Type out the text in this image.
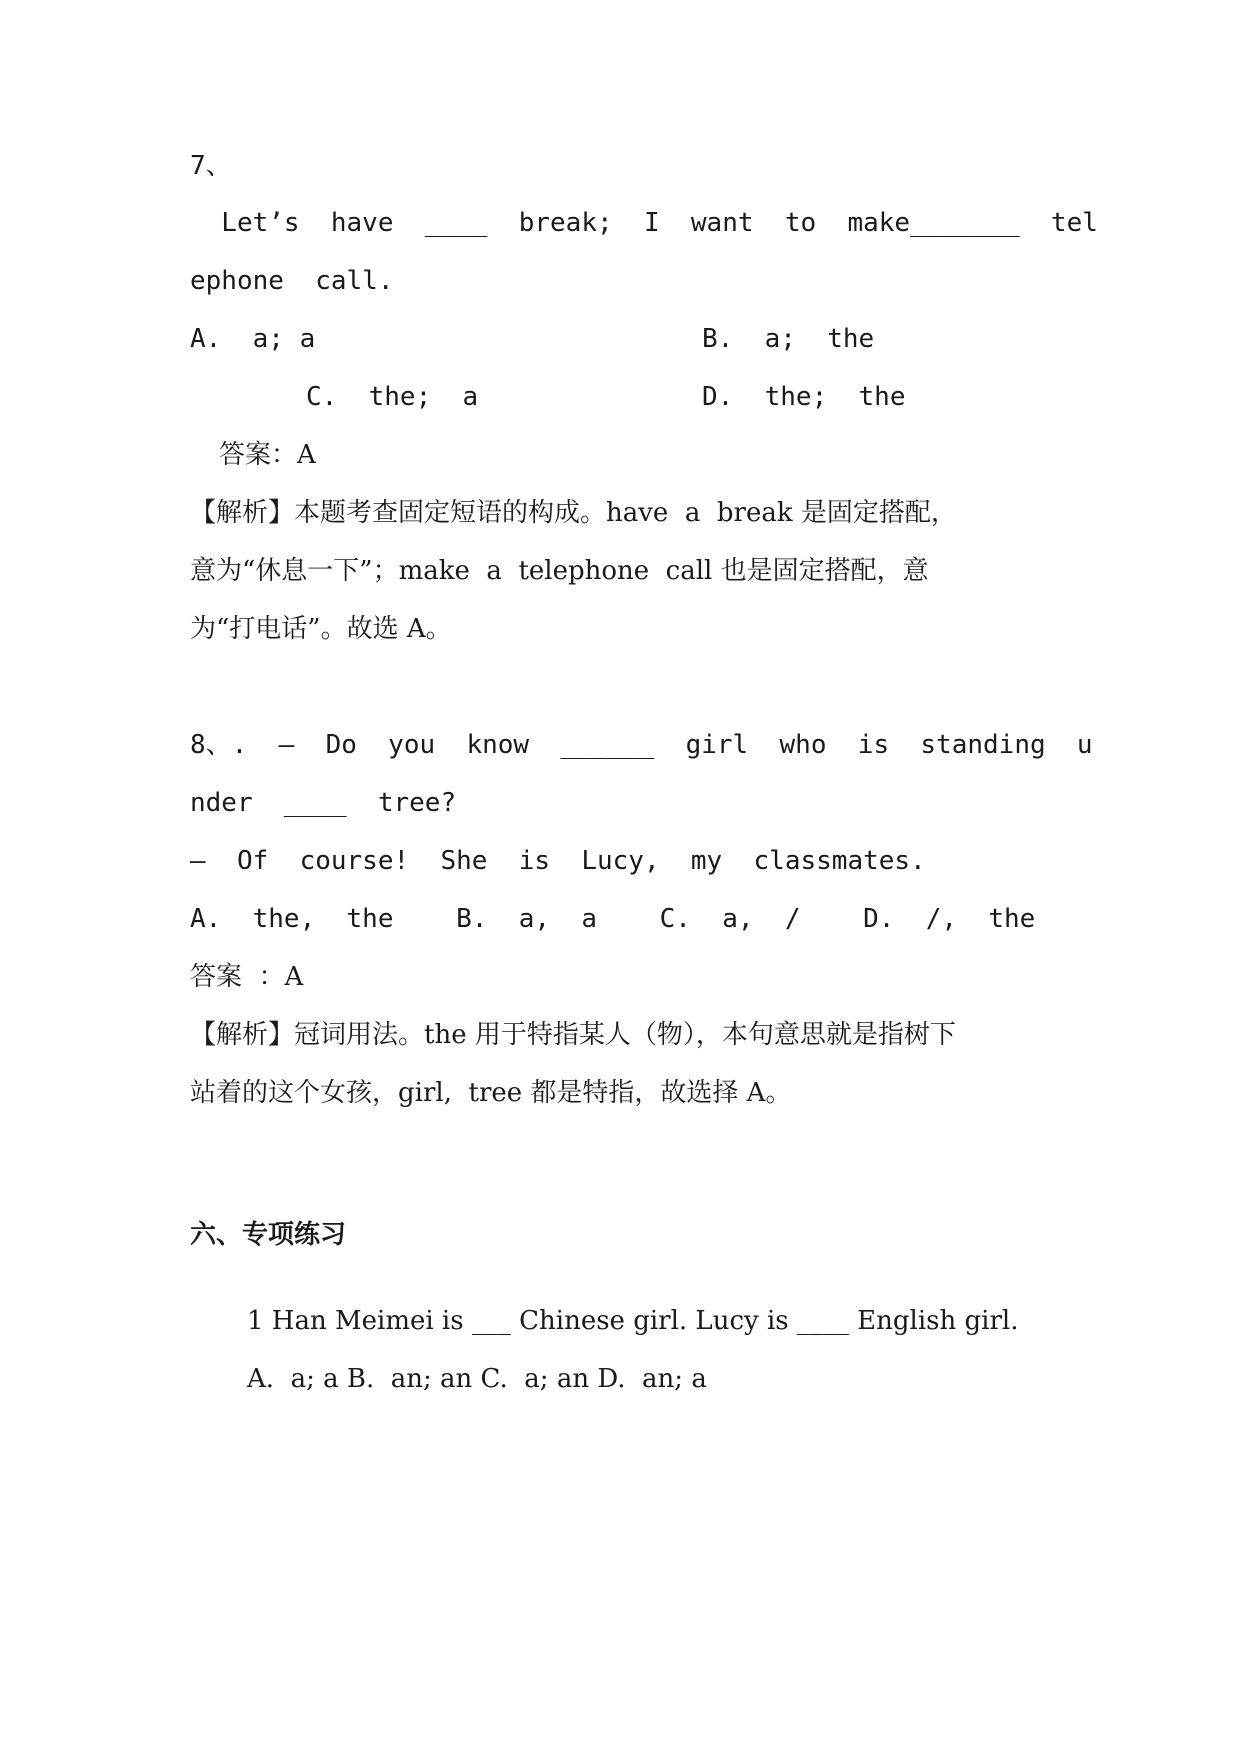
7、
Let’s  have  ____  break;  I  want  to  make_______  tel
ephone  call.
A.  a; a	B.  a;  the
C.  the;  a	D.  the;  the
答案：A
【解析】本题考查固定短语的构成。have  a  break 是固定搭配，
意为“休息一下”；make  a  telephone  call 也是固定搭配，意
为“打电话”。故选 A。
8、.  —  Do  you  know  ______  girl  who  is  standing  u
nder  ____  tree?
—  Of  course!  She  is  Lucy,  my  classmates.
A.  the,  the    B.  a,  a    C.  a,  /    D.  /,  the
答案  ：A
【解析】冠词用法。the 用于特指某人（物），本句意思就是指树下
站着的这个女孩，girl,  tree 都是特指，故选择 A。
六、专项练习
1 Han Meimei is ___ Chinese girl. Lucy is ____ English girl.
A.  a; a B.  an; an C.  a; an D.  an; a
